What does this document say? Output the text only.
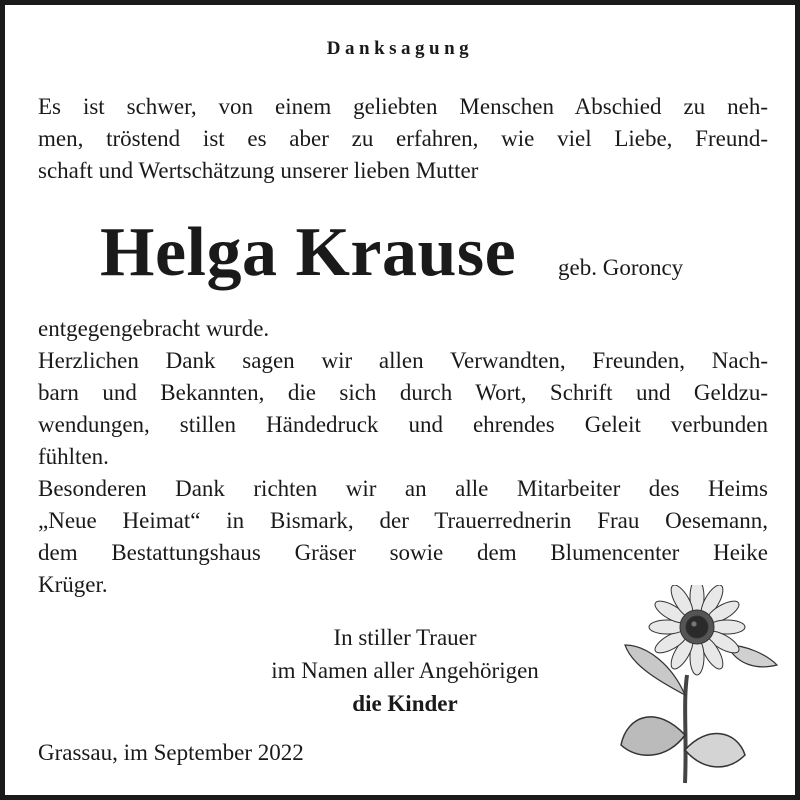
Danksagung
Es ist schwer, von einem geliebten Menschen Abschied zu neh-
men, tröstend ist es aber zu erfahren, wie viel Liebe, Freund-
schaft und Wertschätzung unserer lieben Mutter
Helga Krause geb. Goroncy
entgegengebracht wurde.
Herzlichen Dank sagen wir allen Verwandten, Freunden, Nach-
barn und Bekannten, die sich durch Wort, Schrift und Geldzu-
wendungen, stillen Händedruck und ehrendes Geleit verbunden
fühlten.
Besonderen Dank richten wir an alle Mitarbeiter des Heims
„Neue Heimat“ in Bismark, der Trauerrednerin Frau Oesemann,
dem Bestattungshaus Gräser sowie dem Blumencenter Heike
Krüger.
In stiller Trauer
im Namen aller Angehörigen
die Kinder
Grassau, im September 2022
